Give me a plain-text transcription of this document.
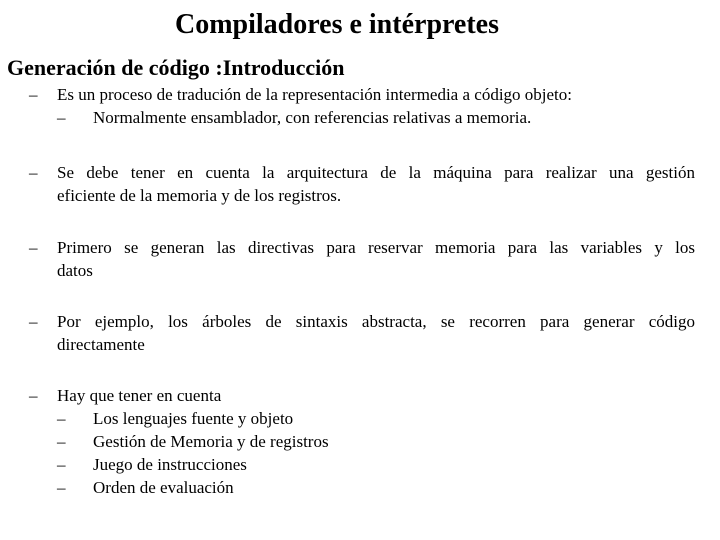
Compiladores e intérpretes
Generación de código :Introducción
– Es un proceso de tradución de la representación intermedia a código objeto:
– Normalmente ensamblador, con referencias relativas a memoria.
– Se debe tener en cuenta la arquitectura de la máquina para realizar una gestión
eficiente de la memoria y de los registros.
– Primero se generan las directivas para reservar memoria para las variables y los
datos
– Por ejemplo, los árboles de sintaxis abstracta, se recorren para generar código
directamente
– Hay que tener en cuenta
– Los lenguajes fuente y objeto
– Gestión de Memoria y de registros
– Juego de instrucciones
– Orden de evaluación
